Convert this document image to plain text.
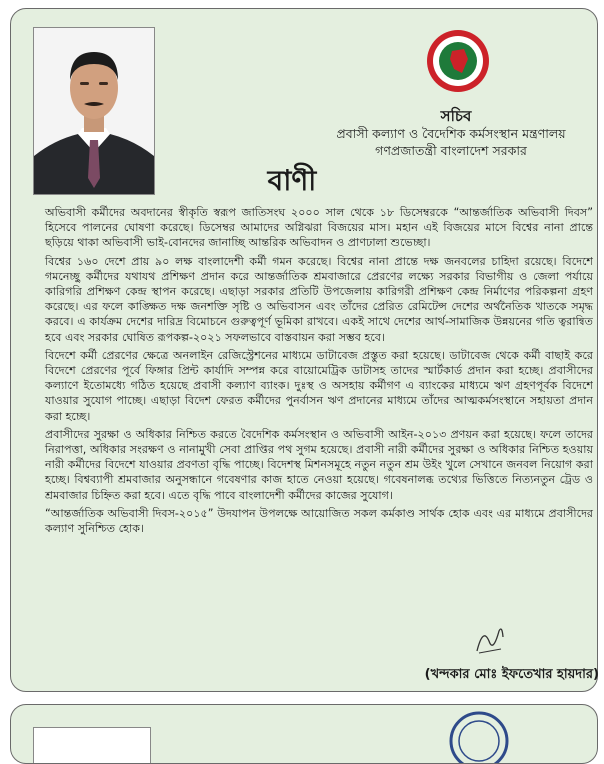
সচিব
প্রবাসী কল্যাণ ও বৈদেশিক কর্মসংস্থান মন্ত্রণালয়
গণপ্রজাতন্ত্রী বাংলাদেশ সরকার
বাণী

অভিবাসী কর্মীদের অবদানের স্বীকৃতি স্বরূপ জাতিসংঘ ২০০০ সাল থেকে ১৮ ডিসেম্বরকে “আন্তর্জাতিক অভিবাসী দিবস” হিসেবে পালনের ঘোষণা করেছে। ডিসেম্বর আমাদের অগ্নিঝরা বিজয়ের মাস। মহান এই বিজয়ের মাসে বিশ্বের নানা প্রান্তে ছড়িয়ে থাকা অভিবাসী ভাই-বোনদের জানাচ্ছি আন্তরিক অভিবাদন ও প্রাণঢালা শুভেচ্ছা।

বিশ্বের ১৬০ দেশে প্রায় ৯০ লক্ষ বাংলাদেশী কর্মী গমন করেছে। বিশ্বের নানা প্রান্তে দক্ষ জনবলের চাহিদা রয়েছে। বিদেশে গমনেচ্ছু কর্মীদের যথাযথ প্রশিক্ষণ প্রদান করে আন্তর্জাতিক শ্রমবাজারে প্রেরণের লক্ষ্যে সরকার বিভাগীয় ও জেলা পর্যায়ে কারিগরি প্রশিক্ষণ কেন্দ্র স্থাপন করেছে। এছাড়া সরকার প্রতিটি উপজেলায় কারিগরী প্রশিক্ষণ কেন্দ্র নির্মাণের পরিকল্পনা গ্রহণ করেছে। এর ফলে কাঙ্ক্ষিত দক্ষ জনশক্তি সৃষ্টি ও অভিবাসন এবং তাঁদের প্রেরিত রেমিটেন্স দেশের অর্থনৈতিক খাতকে সমৃদ্ধ করবে। এ কার্যক্রম দেশের দারিদ্র বিমোচনে গুরুত্বপূর্ণ ভূমিকা রাখবে। একই সাথে দেশের আর্থ-সামাজিক উন্নয়নের গতি ত্বরান্বিত হবে এবং সরকার ঘোষিত রূপকল্প-২০২১ সফলভাবে বাস্তবায়ন করা সম্ভব হবে।

বিদেশে কর্মী প্রেরণের ক্ষেত্রে অনলাইন রেজিস্ট্রেশনের মাধ্যমে ডাটাবেজ প্রস্তুত করা হয়েছে। ডাটাবেজ থেকে কর্মী বাছাই করে বিদেশে প্রেরণের পূর্বে ফিঙ্গার প্রিন্ট কার্যাদি সম্পন্ন করে বায়োমেট্রিক ডাটাসহ তাদের স্মার্টকার্ড প্রদান করা হচ্ছে। প্রবাসীদের কল্যাণে ইতোমধ্যে গঠিত হয়েছে প্রবাসী কল্যাণ ব্যাংক। দুঃস্থ ও অসহায় কর্মীগণ এ ব্যাংকের মাধ্যমে ঋণ গ্রহণপূর্বক বিদেশে যাওয়ার সুযোগ পাচ্ছে। এছাড়া বিদেশ ফেরত কর্মীদের পুনর্বাসন ঋণ প্রদানের মাধ্যমে তাঁদের আত্মকর্মসংস্থানে সহায়তা প্রদান করা হচ্ছে।

প্রবাসীদের সুরক্ষা ও অধিকার নিশ্চিত করতে বৈদেশিক কর্মসংস্থান ও অভিবাসী আইন-২০১৩ প্রণয়ন করা হয়েছে। ফলে তাদের নিরাপত্তা, অধিকার সংরক্ষণ ও নানামুখী সেবা প্রাপ্তির পথ সুগম হয়েছে। প্রবাসী নারী কর্মীদের সুরক্ষা ও অধিকার নিশ্চিত হওয়ায় নারী কর্মীদের বিদেশে যাওয়ার প্রবণতা বৃদ্ধি পাচ্ছে। বিদেশস্থ মিশনসমূহে নতুন নতুন শ্রম উইং খুলে সেখানে জনবল নিয়োগ করা হচ্ছে। বিশ্বব্যাপী শ্রমবাজার অনুসন্ধানে গবেষণার কাজ হাতে নেওয়া হয়েছে। গবেষনালব্ধ তথ্যের ভিত্তিতে নিত্যনতুন ট্রেড ও শ্রমবাজার চিহ্নিত করা হবে। এতে বৃদ্ধি পাবে বাংলাদেশী কর্মীদের কাজের সুযোগ।

“আন্তর্জাতিক অভিবাসী দিবস-২০১৫” উদযাপন উপলক্ষে আয়োজিত সকল কর্মকাণ্ড সার্থক হোক এবং এর মাধ্যমে প্রবাসীদের কল্যাণ সুনিশ্চিত হোক।

(খন্দকার মোঃ ইফতেখার হায়দার)
